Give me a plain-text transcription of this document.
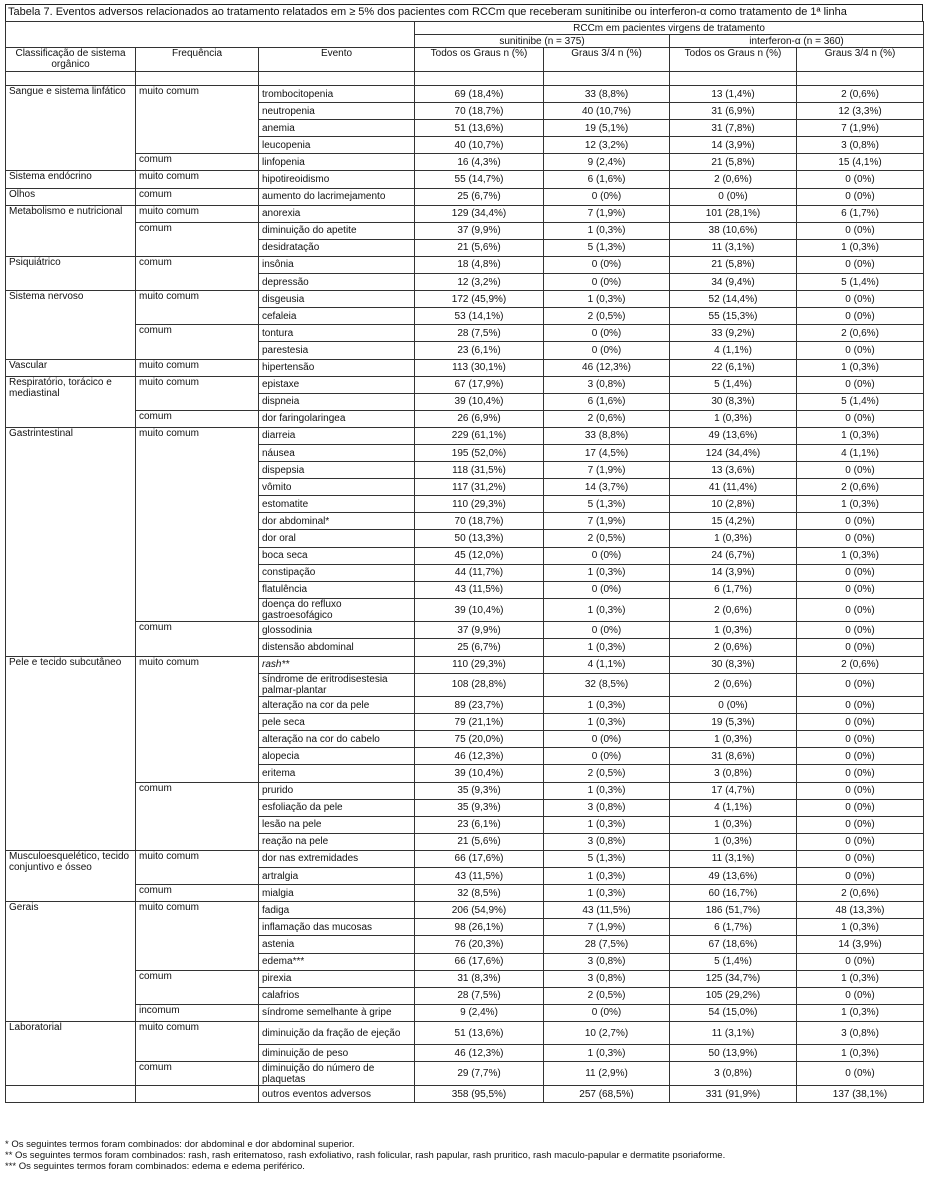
Tabela 7. Eventos adversos relacionados ao tratamento relatados em ≥ 5% dos pacientes com RCCm que receberam sunitinibe ou interferon-α como tratamento de 1ª linha
			RCCm em pacientes virgens de tratamento			
			sunitinibe (n = 375)		interferon-α (n = 360)	
Classificação de sistema orgânico	Frequência	Evento	Todos os Graus n (%)	Graus 3/4 n (%)	Todos os Graus n (%)	Graus 3/4 n (%)

Sangue e sistema linfático	muito comum	trombocitopenia	69 (18,4%)	33 (8,8%)	13 (1,4%)	2 (0,6%)
		neutropenia	70 (18,7%)	40 (10,7%)	31 (6,9%)	12 (3,3%)
		anemia	51 (13,6%)	19 (5,1%)	31 (7,8%)	7 (1,9%)
		leucopenia	40 (10,7%)	12 (3,2%)	14 (3,9%)	3 (0,8%)
	comum	linfopenia	16 (4,3%)	9 (2,4%)	21 (5,8%)	15 (4,1%)
Sistema endócrino	muito comum	hipotireoidismo	55 (14,7%)	6 (1,6%)	2 (0,6%)	0 (0%)
Olhos	comum	aumento do lacrimejamento	25 (6,7%)	0 (0%)	0 (0%)	0 (0%)
Metabolismo e nutricional	muito comum	anorexia	129 (34,4%)	7 (1,9%)	101 (28,1%)	6 (1,7%)
	comum	diminuição do apetite	37 (9,9%)	1 (0,3%)	38 (10,6%)	0 (0%)
		desidratação	21 (5,6%)	5 (1,3%)	11 (3,1%)	1 (0,3%)
Psiquiátrico	comum	insônia	18 (4,8%)	0 (0%)	21 (5,8%)	0 (0%)
		depressão	12 (3,2%)	0 (0%)	34 (9,4%)	5 (1,4%)
Sistema nervoso	muito comum	disgeusia	172 (45,9%)	1 (0,3%)	52 (14,4%)	0 (0%)
		cefaleia	53 (14,1%)	2 (0,5%)	55 (15,3%)	0 (0%)
	comum	tontura	28 (7,5%)	0 (0%)	33 (9,2%)	2 (0,6%)
		parestesia	23 (6,1%)	0 (0%)	4 (1,1%)	0 (0%)
Vascular	muito comum	hipertensão	113 (30,1%)	46 (12,3%)	22 (6,1%)	1 (0,3%)
Respiratório, torácico e mediastinal	muito comum	epistaxe	67 (17,9%)	3 (0,8%)	5 (1,4%)	0 (0%)
		dispneia	39 (10,4%)	6 (1,6%)	30 (8,3%)	5 (1,4%)
	comum	dor faringolaringea	26 (6,9%)	2 (0,6%)	1 (0,3%)	0 (0%)
Gastrintestinal	muito comum	diarreia	229 (61,1%)	33 (8,8%)	49 (13,6%)	1 (0,3%)
		náusea	195 (52,0%)	17 (4,5%)	124 (34,4%)	4 (1,1%)
		dispepsia	118 (31,5%)	7 (1,9%)	13 (3,6%)	0 (0%)
		vômito	117 (31,2%)	14 (3,7%)	41 (11,4%)	2 (0,6%)
		estomatite	110 (29,3%)	5 (1,3%)	10 (2,8%)	1 (0,3%)
		dor abdominal*	70 (18,7%)	7 (1,9%)	15 (4,2%)	0 (0%)
		dor oral	50 (13,3%)	2 (0,5%)	1 (0,3%)	0 (0%)
		boca seca	45 (12,0%)	0 (0%)	24 (6,7%)	1 (0,3%)
		constipação	44 (11,7%)	1 (0,3%)	14 (3,9%)	0 (0%)
		flatulência	43 (11,5%)	0 (0%)	6 (1,7%)	0 (0%)
		doença do refluxo gastroesofágico	39 (10,4%)	1 (0,3%)	2 (0,6%)	0 (0%)
	comum	glossodinia	37 (9,9%)	0 (0%)	1 (0,3%)	0 (0%)
		distensão abdominal	25 (6,7%)	1 (0,3%)	2 (0,6%)	0 (0%)
Pele e tecido subcutâneo	muito comum	rash**	110 (29,3%)	4 (1,1%)	30 (8,3%)	2 (0,6%)
		síndrome de eritrodisestesia palmar-plantar	108 (28,8%)	32 (8,5%)	2 (0,6%)	0 (0%)
		alteração na cor da pele	89 (23,7%)	1 (0,3%)	0 (0%)	0 (0%)
		pele seca	79 (21,1%)	1 (0,3%)	19 (5,3%)	0 (0%)
		alteração na cor do cabelo	75 (20,0%)	0 (0%)	1 (0,3%)	0 (0%)
		alopecia	46 (12,3%)	0 (0%)	31 (8,6%)	0 (0%)
		eritema	39 (10,4%)	2 (0,5%)	3 (0,8%)	0 (0%)
	comum	prurido	35 (9,3%)	1 (0,3%)	17 (4,7%)	0 (0%)
		esfoliação da pele	35 (9,3%)	3 (0,8%)	4 (1,1%)	0 (0%)
		lesão na pele	23 (6,1%)	1 (0,3%)	1 (0,3%)	0 (0%)
		reação na pele	21 (5,6%)	3 (0,8%)	1 (0,3%)	0 (0%)
Musculoesquelético, tecido conjuntivo e ósseo	muito comum	dor nas extremidades	66 (17,6%)	5 (1,3%)	11 (3,1%)	0 (0%)
		artralgia	43 (11,5%)	1 (0,3%)	49 (13,6%)	0 (0%)
	comum	mialgia	32 (8,5%)	1 (0,3%)	60 (16,7%)	2 (0,6%)
Gerais	muito comum	fadiga	206 (54,9%)	43 (11,5%)	186 (51,7%)	48 (13,3%)
		inflamação das mucosas	98 (26,1%)	7 (1,9%)	6 (1,7%)	1 (0,3%)
		astenia	76 (20,3%)	28 (7,5%)	67 (18,6%)	14 (3,9%)
		edema***	66 (17,6%)	3 (0,8%)	5 (1,4%)	0 (0%)
	comum	pirexia	31 (8,3%)	3 (0,8%)	125 (34,7%)	1 (0,3%)
		calafrios	28 (7,5%)	2 (0,5%)	105 (29,2%)	0 (0%)
	incomum	síndrome semelhante à gripe	9 (2,4%)	0 (0%)	54 (15,0%)	1 (0,3%)
Laboratorial	muito comum	diminuição da fração de ejeção	51 (13,6%)	10 (2,7%)	11 (3,1%)	3 (0,8%)
		diminuição de peso	46 (12,3%)	1 (0,3%)	50 (13,9%)	1 (0,3%)
	comum	diminuição do número de plaquetas	29 (7,7%)	11 (2,9%)	3 (0,8%)	0 (0%)
		outros eventos adversos	358 (95,5%)	257 (68,5%)	331 (91,9%)	137 (38,1%)
* Os seguintes termos foram combinados: dor abdominal e dor abdominal superior.
** Os seguintes termos foram combinados: rash, rash eritematoso, rash exfoliativo, rash folicular, rash papular, rash pruritico, rash maculo-papular e dermatite psoriaforme.
*** Os seguintes termos foram combinados: edema e edema periférico.
